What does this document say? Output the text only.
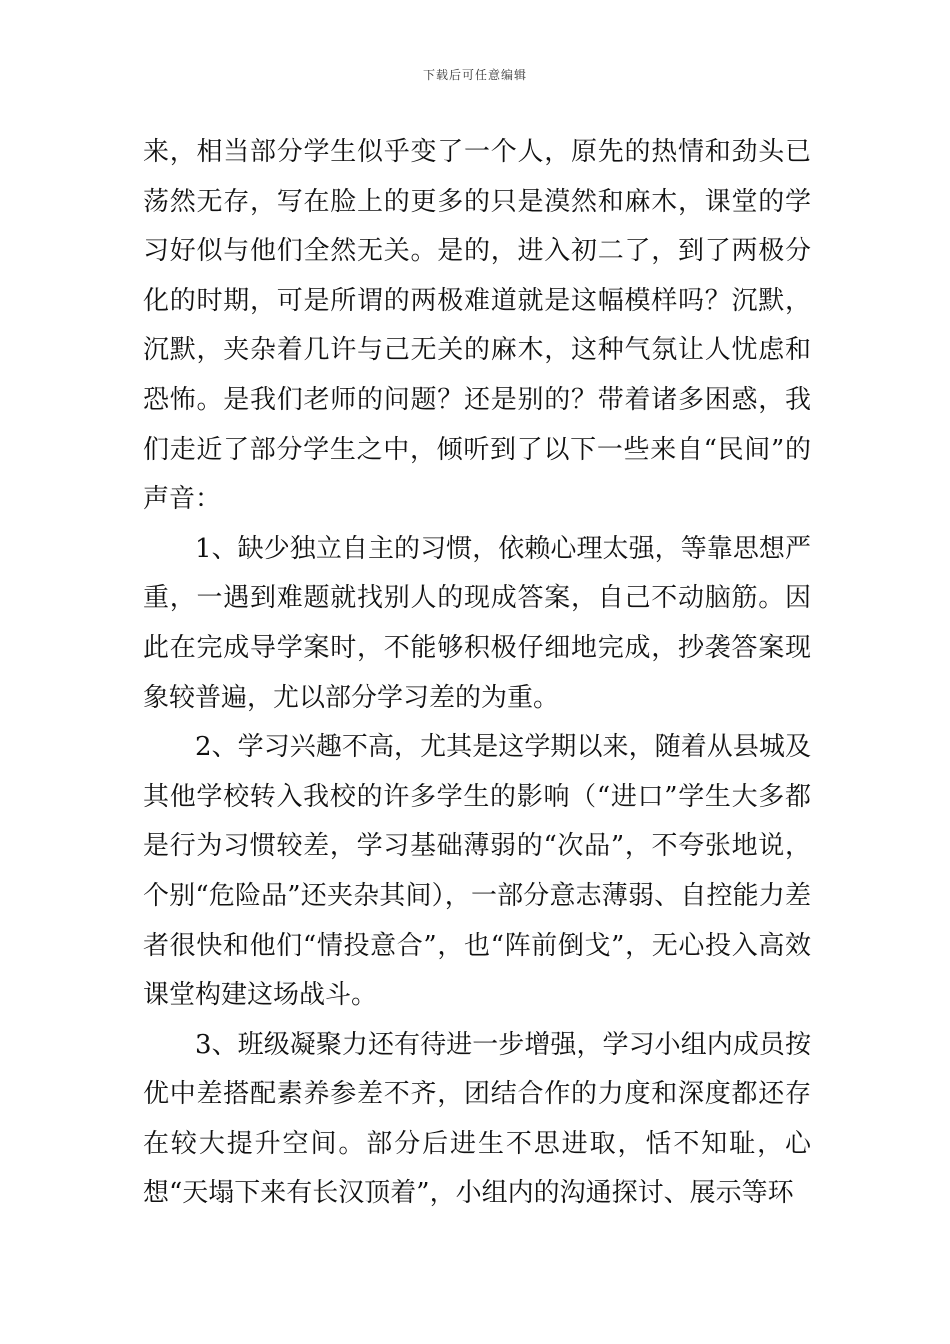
下载后可任意编辑

来，相当部分学生似乎变了一个人，原先的热情和劲头已荡然无存，写在脸上的更多的只是漠然和麻木，课堂的学习好似与他们全然无关。是的，进入初二了，到了两极分化的时期，可是所谓的两极难道就是这幅模样吗？沉默，沉默，夹杂着几许与己无关的麻木，这种气氛让人忧虑和恐怖。是我们老师的问题？还是别的？带着诸多困惑，我们走近了部分学生之中，倾听到了以下一些来自“民间”的声音：

1、缺少独立自主的习惯，依赖心理太强，等靠思想严重，一遇到难题就找别人的现成答案，自己不动脑筋。因此在完成导学案时，不能够积极仔细地完成，抄袭答案现象较普遍，尤以部分学习差的为重。

2、学习兴趣不高，尤其是这学期以来，随着从县城及其他学校转入我校的许多学生的影响（“进口”学生大多都是行为习惯较差，学习基础薄弱的“次品”，不夸张地说，个别“危险品”还夹杂其间），一部分意志薄弱、自控能力差者很快和他们“情投意合”，也“阵前倒戈”，无心投入高效课堂构建这场战斗。

3、班级凝聚力还有待进一步增强，学习小组内成员按优中差搭配素养参差不齐，团结合作的力度和深度都还存在较大提升空间。部分后进生不思进取，恬不知耻，心想“天塌下来有长汉顶着”，小组内的沟通探讨、展示等环
